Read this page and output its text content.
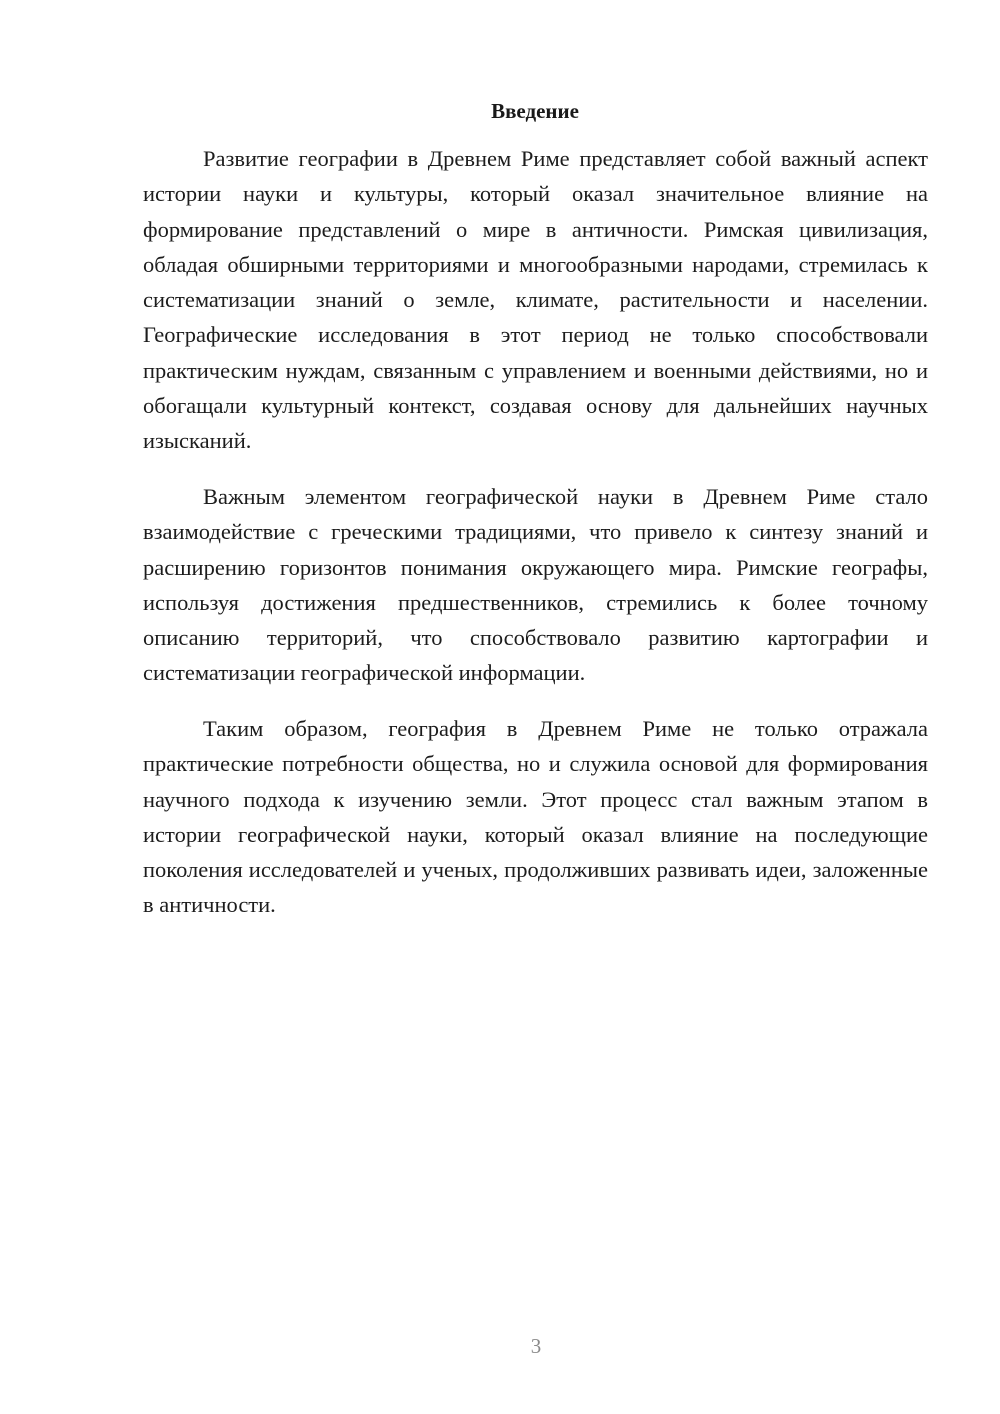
Введение

Развитие географии в Древнем Риме представляет собой важный аспект истории науки и культуры, который оказал значительное влияние на формирование представлений о мире в античности. Римская цивилизация, обладая обширными территориями и многообразными народами, стремилась к систематизации знаний о земле, климате, растительности и населении. Географические исследования в этот период не только способствовали практическим нуждам, связанным с управлением и военными действиями, но и обогащали культурный контекст, создавая основу для дальнейших научных изысканий.

Важным элементом географической науки в Древнем Риме стало взаимодействие с греческими традициями, что привело к синтезу знаний и расширению горизонтов понимания окружающего мира. Римские географы, используя достижения предшественников, стремились к более точному описанию территорий, что способствовало развитию картографии и систематизации географической информации.

Таким образом, география в Древнем Риме не только отражала практические потребности общества, но и служила основой для формирования научного подхода к изучению земли. Этот процесс стал важным этапом в истории географической науки, который оказал влияние на последующие поколения исследователей и ученых, продолживших развивать идеи, заложенные в античности.

3
